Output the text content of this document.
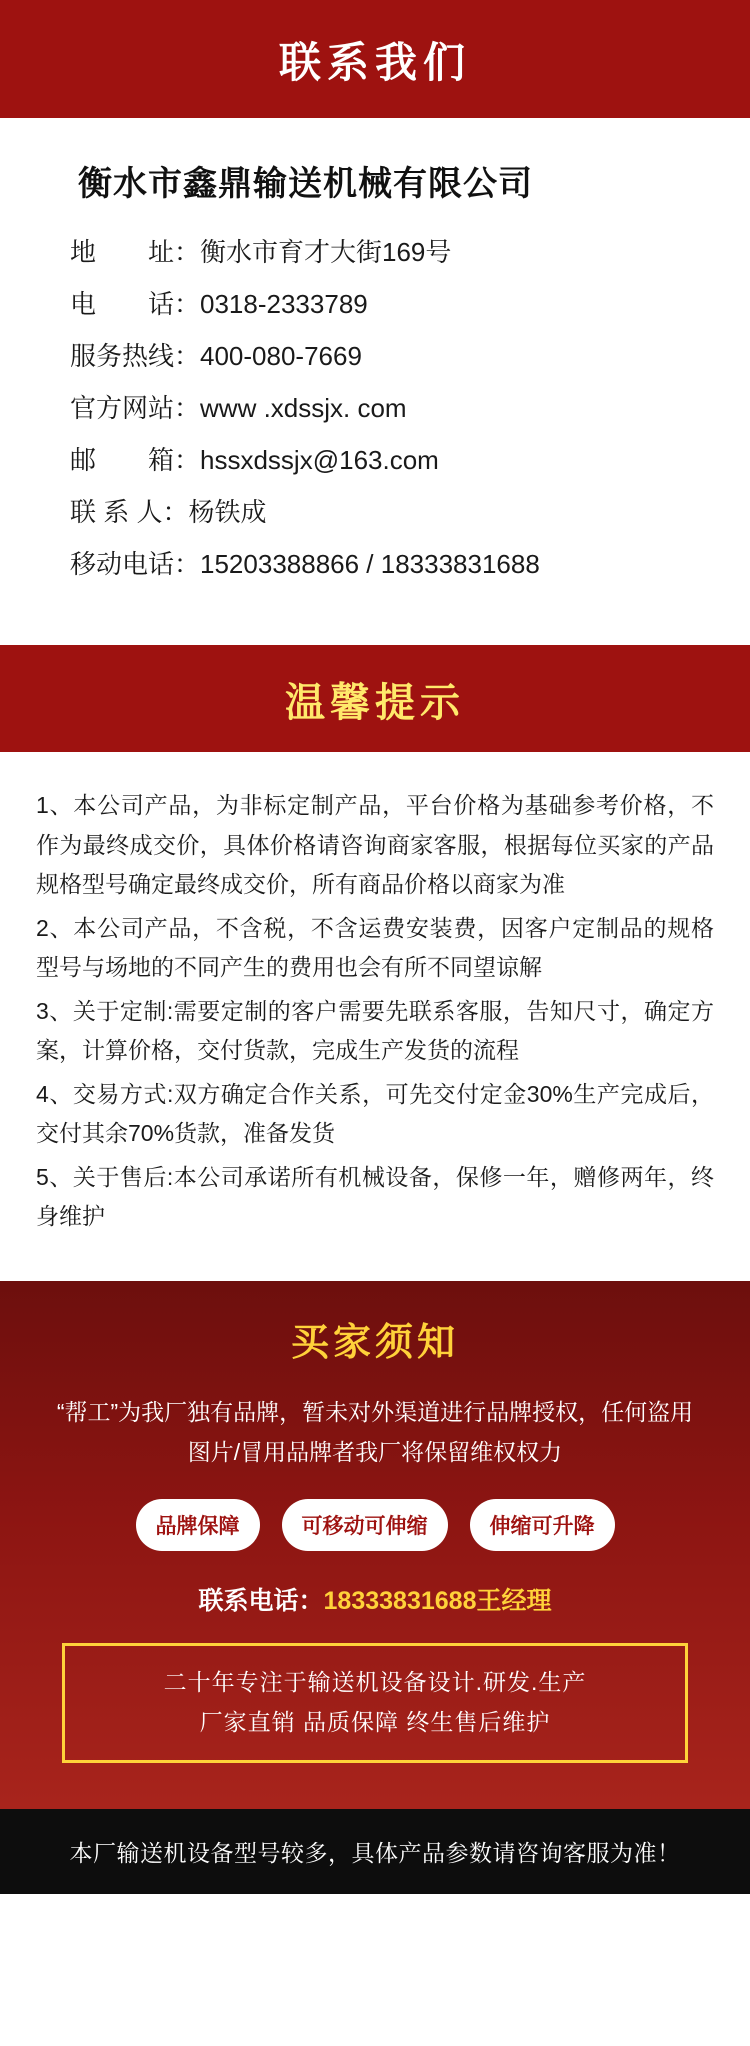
联系我们
衡水市鑫鼎输送机械有限公司
地　　址：衡水市育才大街169号
电　　话：0318-2333789
服务热线：400-080-7669
官方网站：www .xdssjx. com
邮　　箱：hssxdssjx@163.com
联 系 人：杨铁成
移动电话：15203388866 / 18333831688
温馨提示
1、本公司产品，为非标定制产品，平台价格为基础参考价格，不作为最终成交价，具体价格请咨询商家客服，根据每位买家的产品规格型号确定最终成交价，所有商品价格以商家为准
2、本公司产品，不含税，不含运费安装费，因客户定制品的规格型号与场地的不同产生的费用也会有所不同望谅解
3、关于定制:需要定制的客户需要先联系客服，告知尺寸，确定方案，计算价格，交付货款，完成生产发货的流程
4、交易方式:双方确定合作关系，可先交付定金30%生产完成后，交付其余70%货款，准备发货
5、关于售后:本公司承诺所有机械设备，保修一年，赠修两年，终身维护
买家须知
“帮工”为我厂独有品牌，暂未对外渠道进行品牌授权，任何盗用图片/冒用品牌者我厂将保留维权权力
品牌保障	可移动可伸缩	伸缩可升降
联系电话：18333831688王经理
二十年专注于输送机设备设计.研发.生产
厂家直销 品质保障 终生售后维护
本厂输送机设备型号较多，具体产品参数请咨询客服为准！
